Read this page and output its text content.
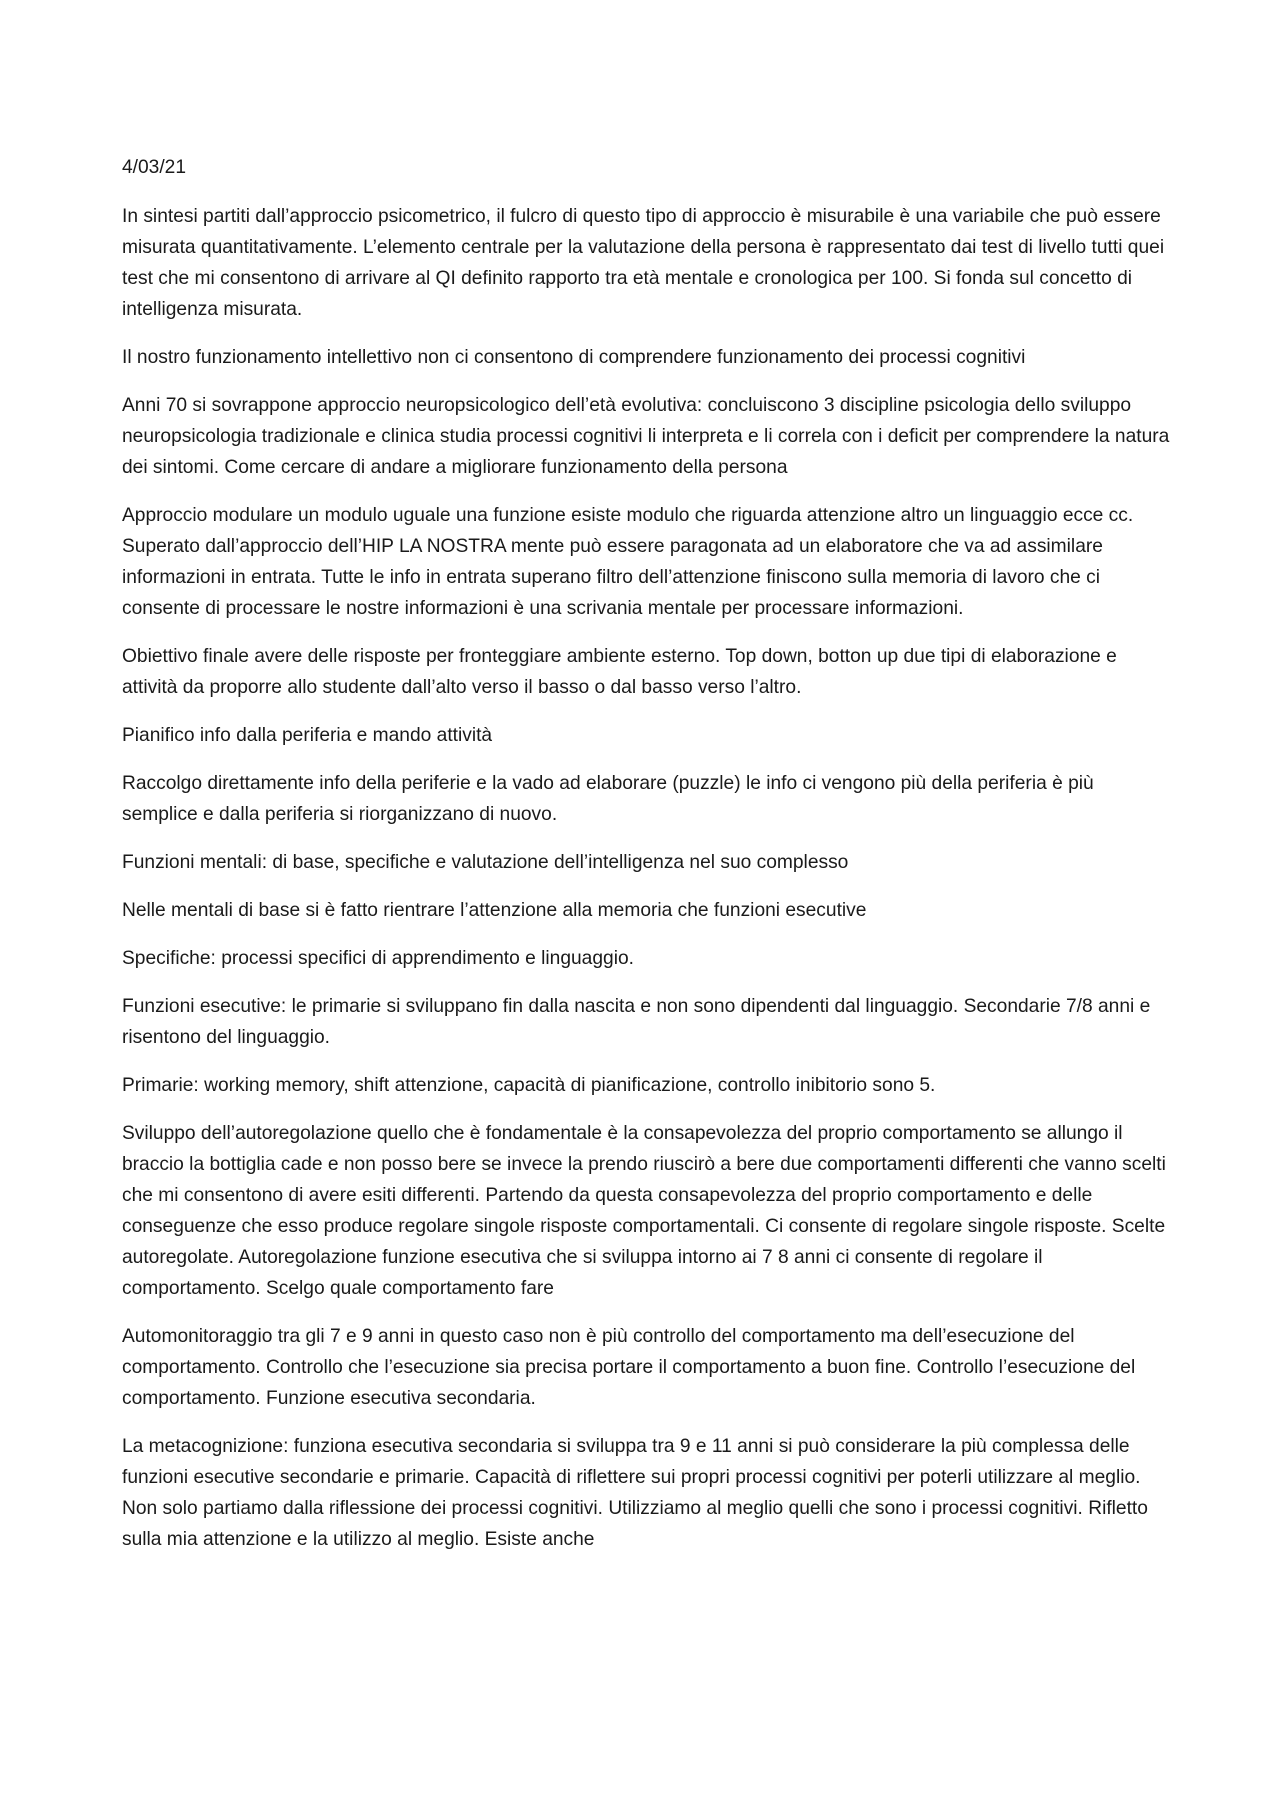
4/03/21

In sintesi partiti dall’approccio psicometrico, il fulcro di questo tipo di approccio è misurabile è una variabile che può essere misurata quantitativamente. L’elemento centrale per la valutazione della persona è rappresentato dai test di livello tutti quei test che mi consentono di arrivare al QI definito rapporto tra età mentale e cronologica per 100. Si fonda sul concetto di intelligenza misurata.

Il nostro funzionamento intellettivo non ci consentono di comprendere funzionamento dei processi cognitivi

Anni 70 si sovrappone approccio neuropsicologico dell’età evolutiva: concluiscono 3 discipline psicologia dello sviluppo neuropsicologia tradizionale e clinica studia processi cognitivi li interpreta e li correla con i deficit per comprendere la natura dei sintomi. Come cercare di andare a migliorare funzionamento della persona

Approccio modulare un modulo uguale una funzione esiste modulo che riguarda attenzione altro un linguaggio ecce cc. Superato dall’approccio dell’HIP LA NOSTRA mente può essere paragonata ad un elaboratore che va ad assimilare informazioni in entrata. Tutte le info in entrata superano filtro dell’attenzione finiscono sulla memoria di lavoro che ci consente di processare le nostre informazioni è una scrivania mentale per processare informazioni.

Obiettivo finale avere delle risposte per fronteggiare ambiente esterno. Top down, botton up due tipi di elaborazione e attività da proporre allo studente dall’alto verso il basso o dal basso verso l’altro.

Pianifico info dalla periferia e mando attività

Raccolgo direttamente info della periferie e la vado ad elaborare (puzzle) le info ci vengono più della periferia è più semplice e dalla periferia si riorganizzano di nuovo.

Funzioni mentali: di base, specifiche e valutazione dell’intelligenza nel suo complesso

Nelle mentali di base si è fatto rientrare l’attenzione alla memoria che funzioni esecutive

Specifiche: processi specifici di apprendimento e linguaggio.

Funzioni esecutive: le primarie si sviluppano fin dalla nascita e non sono dipendenti dal linguaggio. Secondarie 7/8 anni e risentono del linguaggio.

Primarie: working memory, shift attenzione, capacità di pianificazione, controllo inibitorio sono 5.

Sviluppo dell’autoregolazione quello che è fondamentale è la consapevolezza del proprio comportamento se allungo il braccio la bottiglia cade e non posso bere se invece la prendo riuscirò a bere due comportamenti differenti che vanno scelti che mi consentono di avere esiti differenti. Partendo da questa consapevolezza del proprio comportamento e delle conseguenze che esso produce regolare singole risposte comportamentali. Ci consente di regolare singole risposte. Scelte autoregolate. Autoregolazione funzione esecutiva che si sviluppa intorno ai 7 8 anni ci consente di regolare il comportamento. Scelgo quale comportamento fare

Automonitoraggio tra gli 7 e 9 anni in questo caso non è più controllo del comportamento ma dell’esecuzione del comportamento. Controllo che l’esecuzione sia precisa portare il comportamento a buon fine. Controllo l’esecuzione del comportamento. Funzione esecutiva secondaria.

La metacognizione: funziona esecutiva secondaria si sviluppa tra 9 e 11 anni si può considerare la più complessa delle funzioni esecutive secondarie e primarie. Capacità di riflettere sui propri processi cognitivi per poterli utilizzare al meglio. Non solo partiamo dalla riflessione dei processi cognitivi. Utilizziamo al meglio quelli che sono i processi cognitivi. Rifletto sulla mia attenzione e la utilizzo al meglio. Esiste anche
